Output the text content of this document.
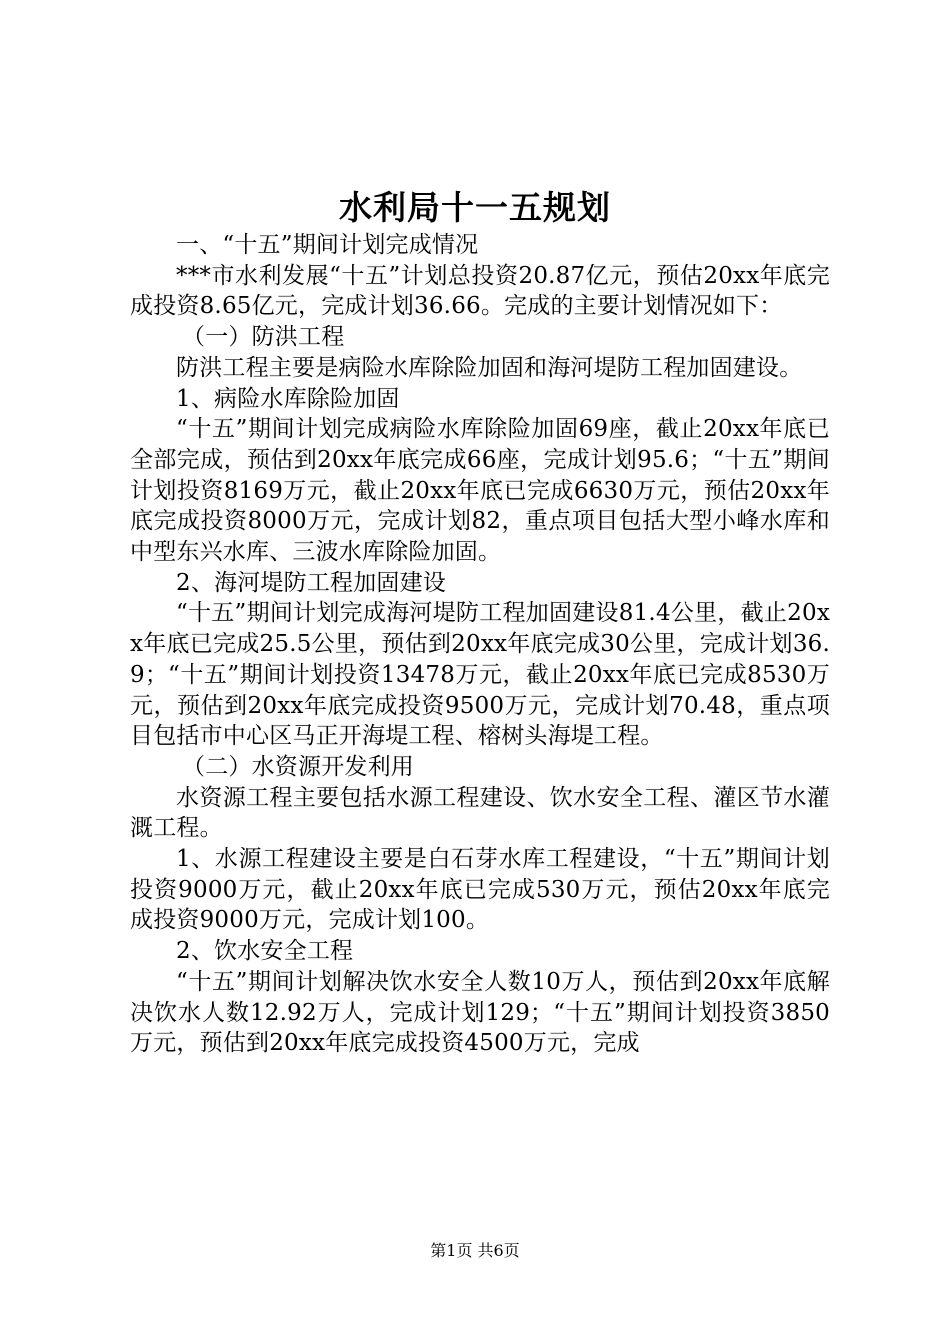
水利局十一五规划

一、“十五”期间计划完成情况

***市水利发展“十五”计划总投资20.87亿元，预估20xx年底完成投资8.65亿元，完成计划36.66。完成的主要计划情况如下：

（一）防洪工程

防洪工程主要是病险水库除险加固和海河堤防工程加固建设。

1、病险水库除险加固

“十五”期间计划完成病险水库除险加固69座，截止20xx年底已全部完成，预估到20xx年底完成66座，完成计划95.6；“十五”期间计划投资8169万元，截止20xx年底已完成6630万元，预估20xx年底完成投资8000万元，完成计划82，重点项目包括大型小峰水库和中型东兴水库、三波水库除险加固。

2、海河堤防工程加固建设

“十五”期间计划完成海河堤防工程加固建设81.4公里，截止20xx年底已完成25.5公里，预估到20xx年底完成30公里，完成计划36.9；“十五”期间计划投资13478万元，截止20xx年底已完成8530万元，预估到20xx年底完成投资9500万元，完成计划70.48，重点项目包括市中心区马正开海堤工程、榕树头海堤工程。

（二）水资源开发利用

水资源工程主要包括水源工程建设、饮水安全工程、灌区节水灌溉工程。

1、水源工程建设主要是白石芽水库工程建设，“十五”期间计划投资9000万元，截止20xx年底已完成530万元，预估20xx年底完成投资9000万元，完成计划100。

2、饮水安全工程

“十五”期间计划解决饮水安全人数10万人，预估到20xx年底解决饮水人数12.92万人，完成计划129；“十五”期间计划投资3850万元，预估到20xx年底完成投资4500万元，完成

第1页 共6页
